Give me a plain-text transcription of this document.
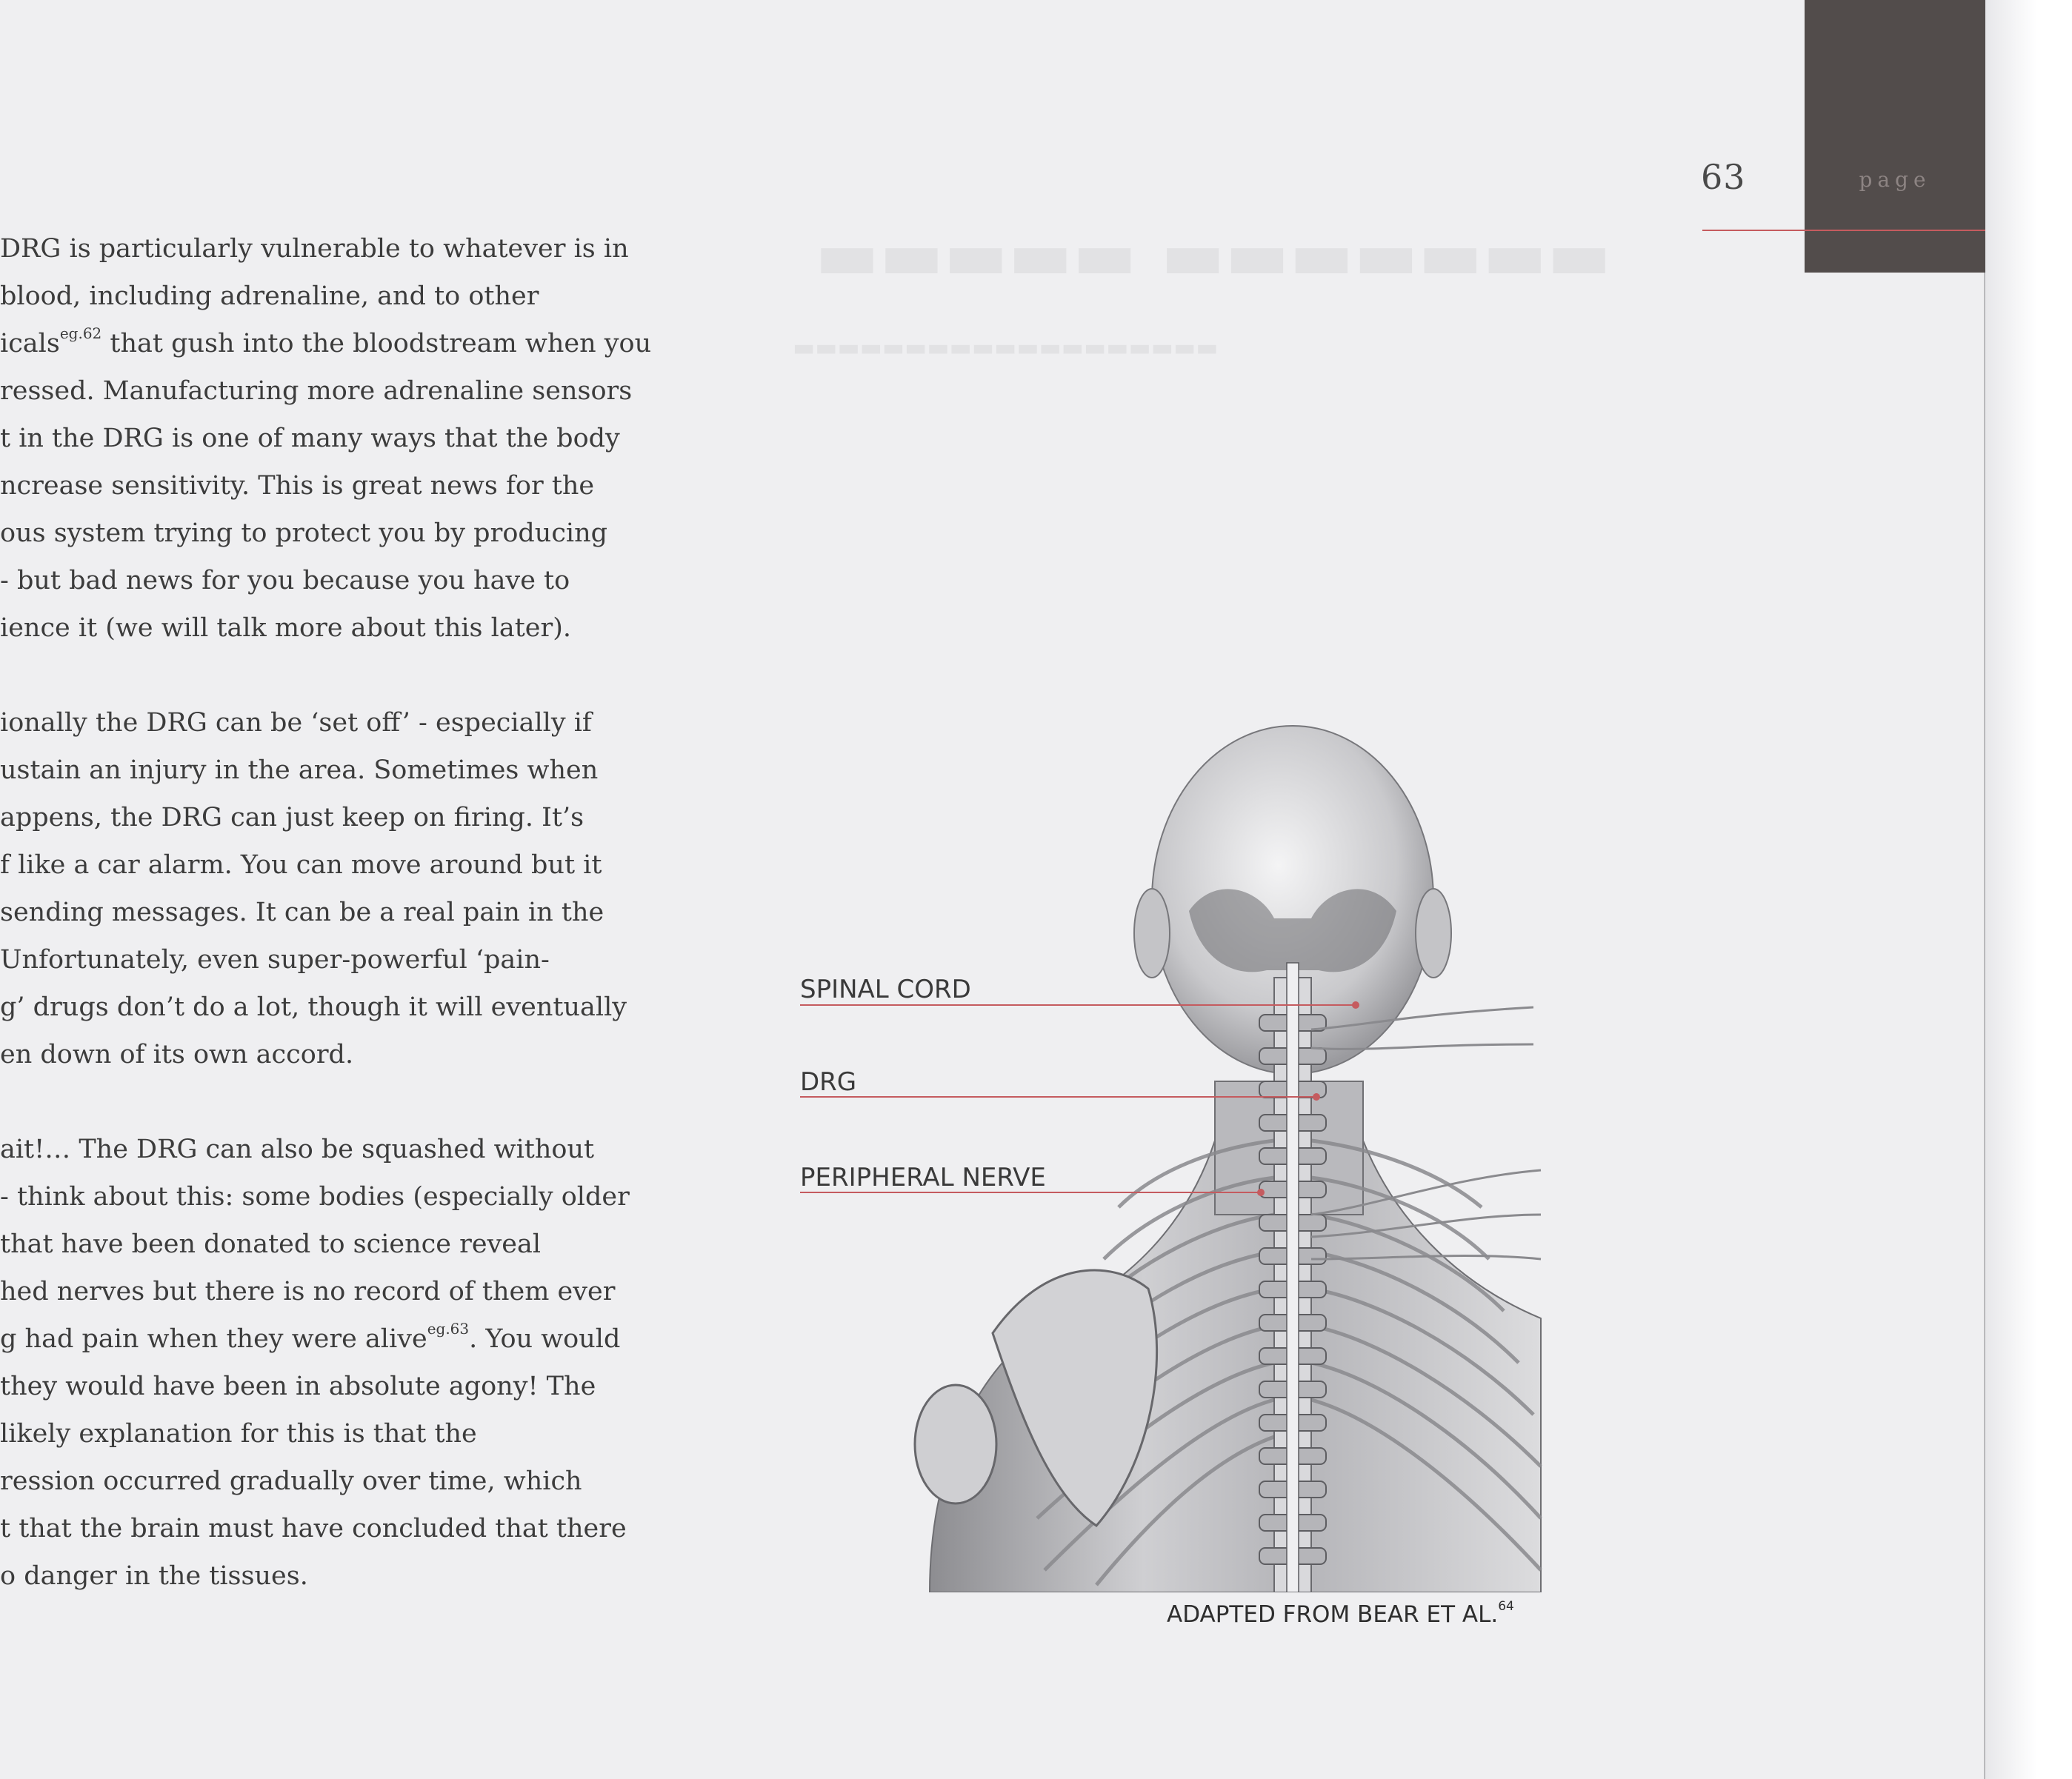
▬▬▬▬▬▬▬ ▬▬▬▬▬
▬▬▬▬▬▬▬▬▬▬▬▬▬▬▬▬▬▬▬
page
63

DRG is particularly vulnerable to whatever is in
blood, including adrenaline, and to other
icals$^{eg.62}$ that gush into the bloodstream when you
ressed. Manufacturing more adrenaline sensors
t in the DRG is one of many ways that the body
ncrease sensitivity. This is great news for the
ous system trying to protect you by producing
- but bad news for you because you have to
ience it (we will talk more about this later).

ionally the DRG can be ‘set off’ - especially if
ustain an injury in the area. Sometimes when
appens, the DRG can just keep on firing. It’s
f like a car alarm. You can move around but it
sending messages. It can be a real pain in the
Unfortunately, even super-powerful ‘pain-
g’ drugs don’t do a lot, though it will eventually
en down of its own accord.

ait!… The DRG can also be squashed without
- think about this: some bodies (especially older
that have been donated to science reveal
hed nerves but there is no record of them ever
g had pain when they were alive$^{eg.63}$. You would
they would have been in absolute agony! The
likely explanation for this is that the
ression occurred gradually over time, which
t that the brain must have concluded that there
o danger in the tissues.

SPINAL CORD
DRG
PERIPHERAL NERVE
ADAPTED FROM BEAR ET AL.$^{64}$
